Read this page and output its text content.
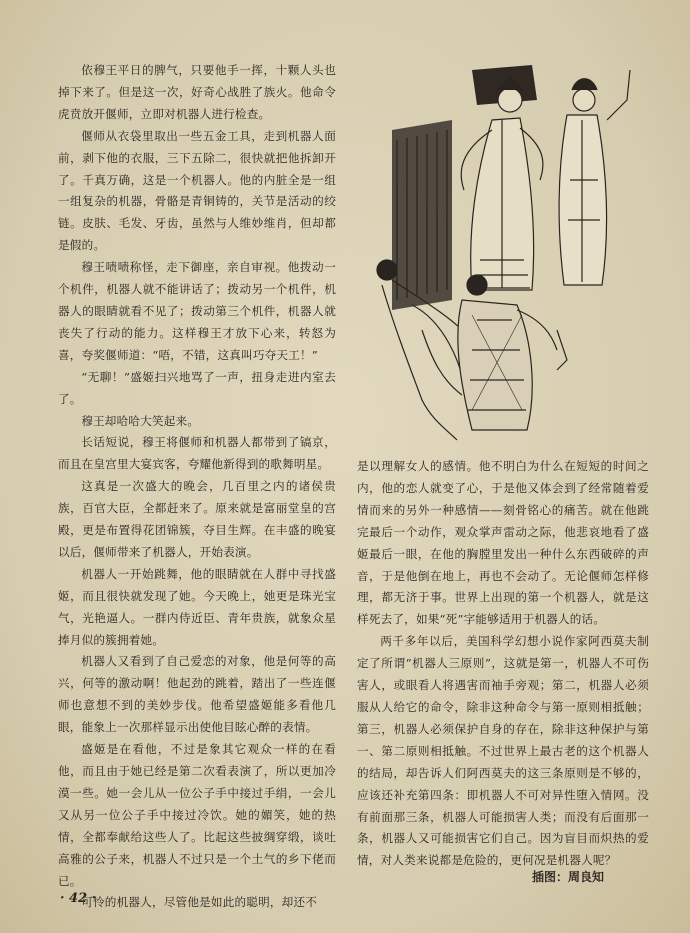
依穆王平日的脾气，只要他手一挥，十颗人头也掉下来了。但是这一次，好奇心战胜了族火。他命令虎贲放开偃师，立即对机器人进行检查。

偃师从衣袋里取出一些五金工具，走到机器人面前，剥下他的衣服，三下五除二，很快就把他拆卸开了。千真万确，这是一个机器人。他的内脏全是一组一组复杂的机器，骨骼是青铜铸的，关节是活动的绞链。皮肤、毛发、牙齿，虽然与人维妙维肖，但却都是假的。

穆王啧啧称怪，走下御座，亲自审视。他拨动一个机件，机器人就不能讲话了；拨动另一个机件，机器人的眼睛就看不见了；拨动第三个机件，机器人就丧失了行动的能力。这样穆王才放下心来，转怒为喜，夸奖偃师道：“唔，不错，这真叫巧夺天工！”

“无聊！”盛姬扫兴地骂了一声，扭身走进内室去了。

穆王却哈哈大笑起来。

长话短说，穆王将偃师和机器人都带到了镐京，而且在皇宫里大宴宾客，夸耀他新得到的歌舞明星。

这真是一次盛大的晚会，几百里之内的诸侯贵族，百官大臣，全都赶来了。原来就是富丽堂皇的宫殿，更是布置得花团锦簇，夺目生辉。在丰盛的晚宴以后，偃师带来了机器人，开始表演。

机器人一开始跳舞，他的眼睛就在人群中寻找盛姬，而且很快就发现了她。今天晚上，她更是珠光宝气，光艳逼人。一群内侍近臣、青年贵族，就象众星捧月似的簇拥着她。

机器人又看到了自己爱恋的对象，他是何等的高兴，何等的激动啊！他起劲的跳着，踏出了一些连偃师也意想不到的美妙步伐。他希望盛姬能多看他几眼，能象上一次那样显示出使他目眩心醉的表情。

盛姬是在看他，不过是象其它观众一样的在看他，而且由于她已经是第二次看表演了，所以更加冷漠一些。她一会儿从一位公子手中接过手绢，一会儿又从另一位公子手中接过冷饮。她的媚笑，她的热情，全都奉献给这些人了。比起这些披绸穿缎，谈吐高雅的公子来，机器人不过只是一个土气的乡下佬而已。

可怜的机器人，尽管他是如此的聪明，却还不

是以理解女人的感情。他不明白为什么在短短的时间之内，他的恋人就变了心，于是他又体会到了经常随着爱情而来的另外一种感情——刻骨铭心的痛苦。就在他跳完最后一个动作，观众掌声雷动之际，他悲哀地看了盛姬最后一眼，在他的胸膛里发出一种什么东西破碎的声音，于是他倒在地上，再也不会动了。无论偃师怎样修理，都无济于事。世界上出现的第一个机器人，就是这样死去了，如果“死”字能够适用于机器人的话。

两千多年以后，美国科学幻想小说作家阿西莫夫制定了所谓“机器人三原则”，这就是第一，机器人不可伤害人，或眼看人将遇害而袖手旁观；第二，机器人必须服从人给它的命令，除非这种命令与第一原则相抵触；第三，机器人必须保护自身的存在，除非这种保护与第一、第二原则相抵触。不过世界上最古老的这个机器人的结局，却告诉人们阿西莫夫的这三条原则是不够的，应该还补充第四条：即机器人不可对异性堕入情网。没有前面那三条，机器人可能损害人类；而没有后面那一条，机器人又可能损害它们自己。因为盲目而炽热的爱情，对人类来说都是危险的，更何况是机器人呢？

插图：周良知
· 42 ·
